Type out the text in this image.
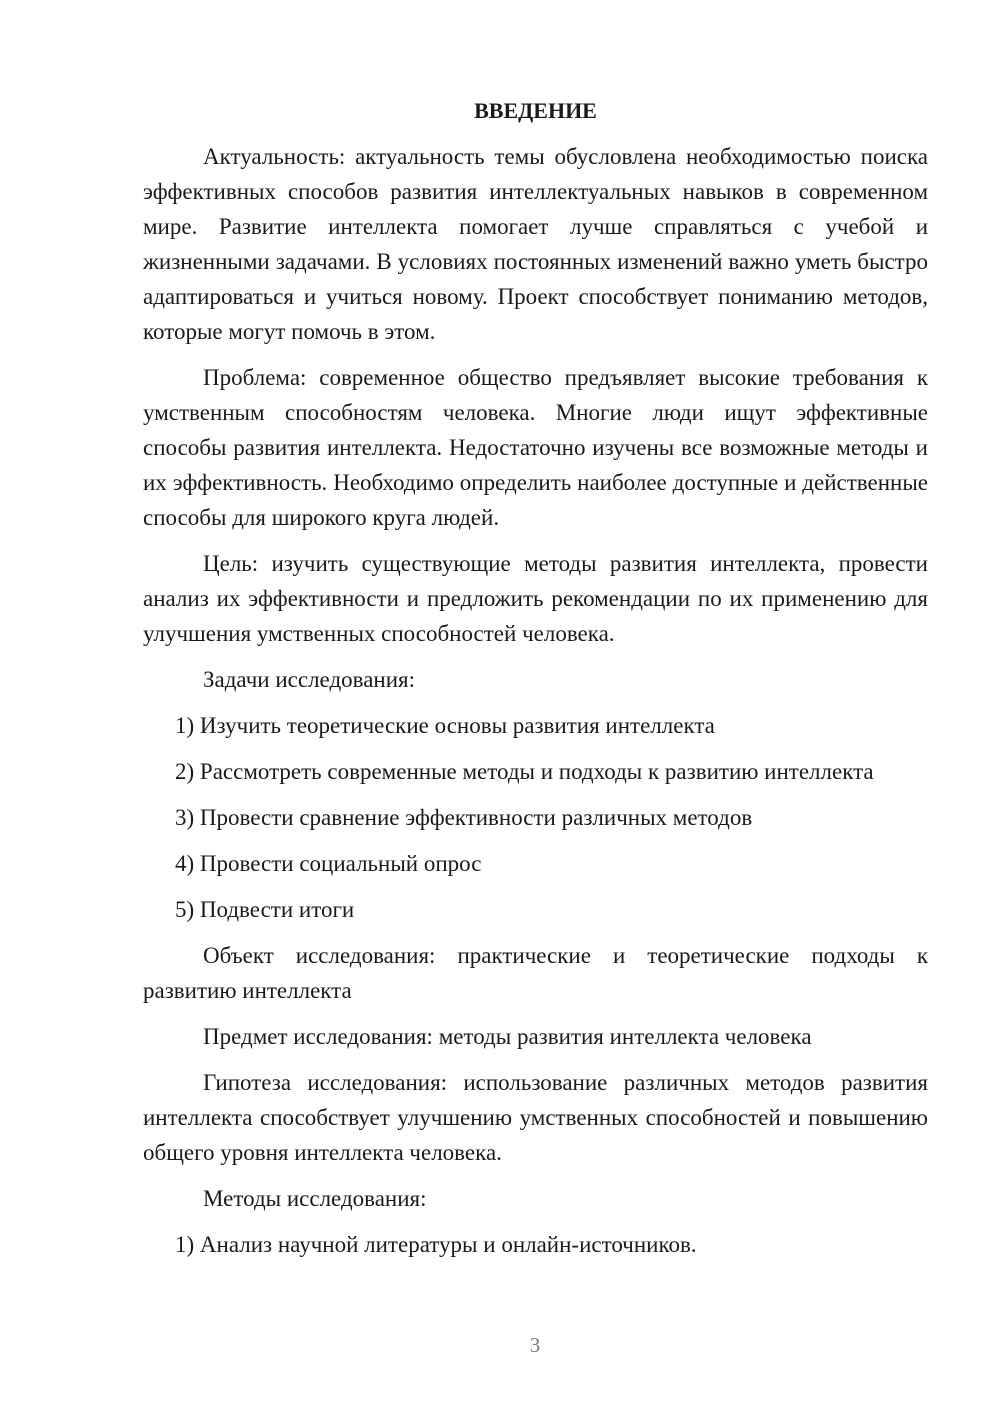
ВВЕДЕНИЕ

Актуальность: актуальность темы обусловлена необходимостью поиска эффективных способов развития интеллектуальных навыков в современном мире. Развитие интеллекта помогает лучше справляться с учебой и жизненными задачами. В условиях постоянных изменений важно уметь быстро адаптироваться и учиться новому. Проект способствует пониманию методов, которые могут помочь в этом.

Проблема: современное общество предъявляет высокие требования к умственным способностям человека. Многие люди ищут эффективные способы развития интеллекта. Недостаточно изучены все возможные методы и их эффективность. Необходимо определить наиболее доступные и действенные способы для широкого круга людей.

Цель: изучить существующие методы развития интеллекта, провести анализ их эффективности и предложить рекомендации по их применению для улучшения умственных способностей человека.

Задачи исследования:

1) Изучить теоретические основы развития интеллекта

2) Рассмотреть современные методы и подходы к развитию интеллекта

3) Провести сравнение эффективности различных методов

4) Провести социальный опрос

5) Подвести итоги

Объект исследования: практические и теоретические подходы к развитию интеллекта

Предмет исследования: методы развития интеллекта человека

Гипотеза исследования: использование различных методов развития интеллекта способствует улучшению умственных способностей и повышению общего уровня интеллекта человека.

Методы исследования:

1) Анализ научной литературы и онлайн-источников.

3
